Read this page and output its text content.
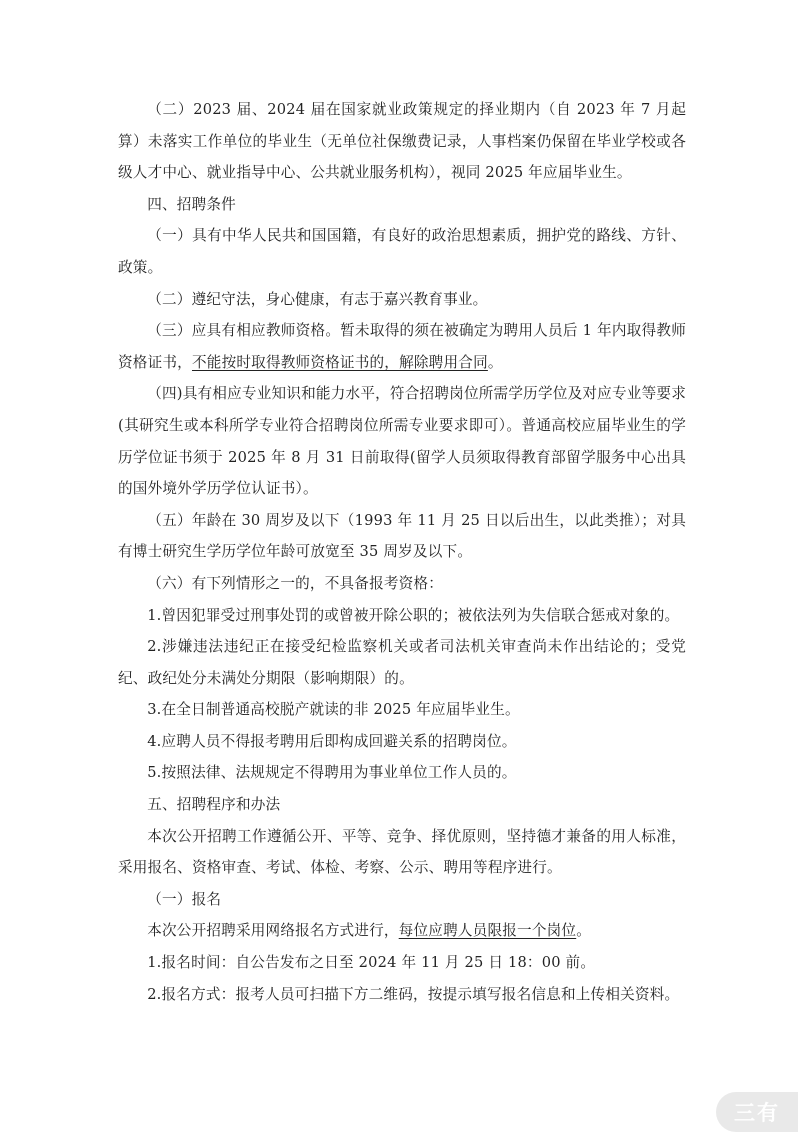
（二）2023 届、2024 届在国家就业政策规定的择业期内（自 2023 年 7 月起算）未落实工作单位的毕业生（无单位社保缴费记录，人事档案仍保留在毕业学校或各级人才中心、就业指导中心、公共就业服务机构），视同 2025 年应届毕业生。

四、招聘条件

（一）具有中华人民共和国国籍，有良好的政治思想素质，拥护党的路线、方针、政策。

（二）遵纪守法，身心健康，有志于嘉兴教育事业。

（三）应具有相应教师资格。暂未取得的须在被确定为聘用人员后 1 年内取得教师资格证书，不能按时取得教师资格证书的，解除聘用合同。

（四)具有相应专业知识和能力水平，符合招聘岗位所需学历学位及对应专业等要求(其研究生或本科所学专业符合招聘岗位所需专业要求即可）。普通高校应届毕业生的学历学位证书须于 2025 年 8 月 31 日前取得(留学人员须取得教育部留学服务中心出具的国外境外学历学位认证书）。

（五）年龄在 30 周岁及以下（1993 年 11 月 25 日以后出生，以此类推）；对具有博士研究生学历学位年龄可放宽至 35 周岁及以下。

（六）有下列情形之一的，不具备报考资格：

1.曾因犯罪受过刑事处罚的或曾被开除公职的；被依法列为失信联合惩戒对象的。

2.涉嫌违法违纪正在接受纪检监察机关或者司法机关审查尚未作出结论的；受党纪、政纪处分未满处分期限（影响期限）的。

3.在全日制普通高校脱产就读的非 2025 年应届毕业生。

4.应聘人员不得报考聘用后即构成回避关系的招聘岗位。

5.按照法律、法规规定不得聘用为事业单位工作人员的。

五、招聘程序和办法

本次公开招聘工作遵循公开、平等、竞争、择优原则，坚持德才兼备的用人标准，采用报名、资格审查、考试、体检、考察、公示、聘用等程序进行。

（一）报名

本次公开招聘采用网络报名方式进行，每位应聘人员限报一个岗位。

1.报名时间：自公告发布之日至 2024 年 11 月 25 日 18：00 前。

2.报名方式：报考人员可扫描下方二维码，按提示填写报名信息和上传相关资料。

三有
